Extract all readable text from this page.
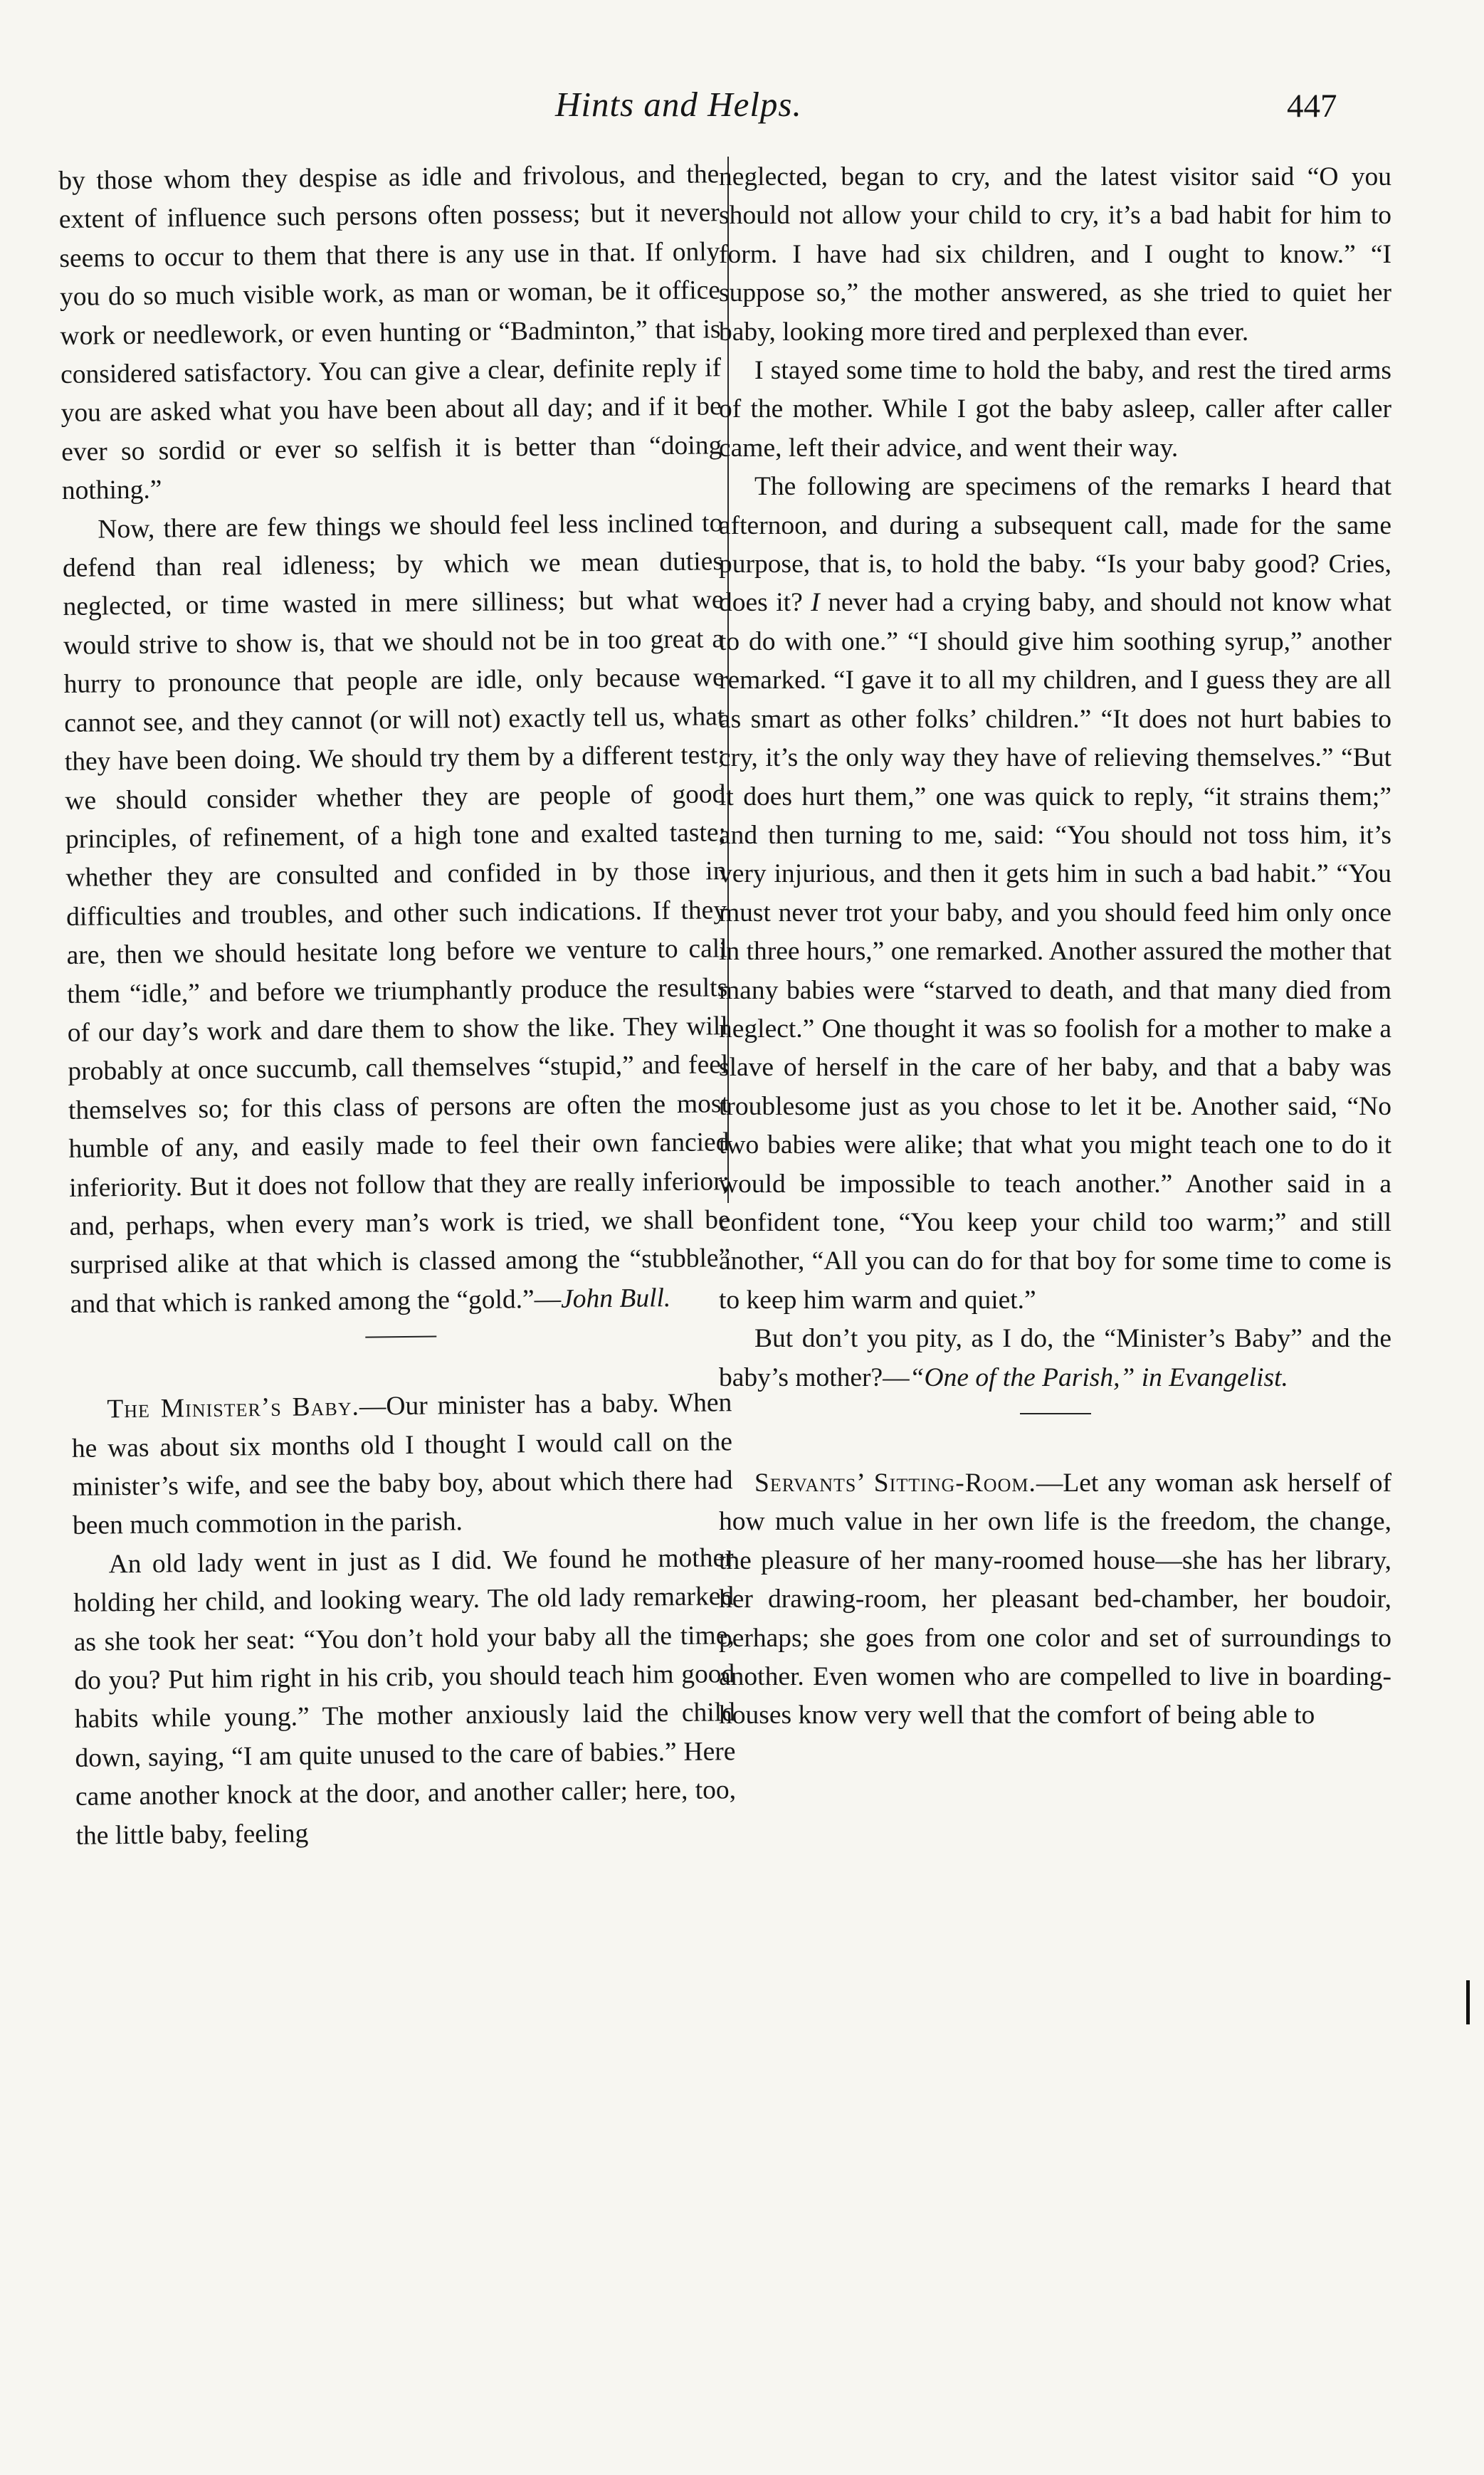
Hints and Helps.	447

by those whom they despise as idle and frivolous, and the extent of influence such persons often possess; but it never seems to occur to them that there is any use in that. If only you do so much visible work, as man or woman, be it office work or needlework, or even hunting or “Badminton,” that is considered satisfactory. You can give a clear, definite reply if you are asked what you have been about all day; and if it be ever so sordid or ever so selfish it is better than “doing nothing.”

Now, there are few things we should feel less inclined to defend than real idleness; by which we mean duties neglected, or time wasted in mere silliness; but what we would strive to show is, that we should not be in too great a hurry to pronounce that people are idle, only because we cannot see, and they cannot (or will not) exactly tell us, what they have been doing. We should try them by a different test; we should consider whether they are people of good principles, of refinement, of a high tone and exalted taste; whether they are consulted and confided in by those in difficulties and troubles, and other such indications. If they are, then we should hesitate long before we venture to call them “idle,” and before we triumphantly produce the results of our day’s work and dare them to show the like. They will probably at once succumb, call themselves “stupid,” and feel themselves so; for this class of persons are often the most humble of any, and easily made to feel their own fancied inferiority. But it does not follow that they are really inferior; and, perhaps, when every man’s work is tried, we shall be surprised alike at that which is classed among the “stubble” and that which is ranked among the “gold.”—John Bull.

The Minister’s Baby.—Our minister has a baby. When he was about six months old I thought I would call on the minister’s wife, and see the baby boy, about which there had been much commotion in the parish.

An old lady went in just as I did. We found he mother holding her child, and looking weary. The old lady remarked as she took her seat: “You don’t hold your baby all the time, do you? Put him right in his crib, you should teach him good habits while young.” The mother anxiously laid the child down, saying, “I am quite unused to the care of babies.” Here came another knock at the door, and another caller; here, too, the little baby, feeling

neglected, began to cry, and the latest visitor said “O you should not allow your child to cry, it’s a bad habit for him to form. I have had six children, and I ought to know.” “I suppose so,” the mother answered, as she tried to quiet her baby, looking more tired and perplexed than ever.

I stayed some time to hold the baby, and rest the tired arms of the mother. While I got the baby asleep, caller after caller came, left their advice, and went their way.

The following are specimens of the remarks I heard that afternoon, and during a subsequent call, made for the same purpose, that is, to hold the baby. “Is your baby good? Cries, does it? I never had a crying baby, and should not know what to do with one.” “I should give him soothing syrup,” another remarked. “I gave it to all my children, and I guess they are all as smart as other folks’ children.” “It does not hurt babies to cry, it’s the only way they have of relieving themselves.” “But it does hurt them,” one was quick to reply, “it strains them;” and then turning to me, said: “You should not toss him, it’s very injurious, and then it gets him in such a bad habit.” “You must never trot your baby, and you should feed him only once in three hours,” one remarked. Another assured the mother that many babies were “starved to death, and that many died from neglect.” One thought it was so foolish for a mother to make a slave of herself in the care of her baby, and that a baby was troublesome just as you chose to let it be. Another said, “No two babies were alike; that what you might teach one to do it would be impossible to teach another.” Another said in a confident tone, “You keep your child too warm;” and still another, “All you can do for that boy for some time to come is to keep him warm and quiet.”

But don’t you pity, as I do, the “Minister’s Baby” and the baby’s mother?—“One of the Parish,” in Evangelist.

Servants’ Sitting-Room.—Let any woman ask herself of how much value in her own life is the freedom, the change, the pleasure of her many-roomed house—she has her library, her drawing-room, her pleasant bed-chamber, her boudoir, perhaps; she goes from one color and set of surroundings to another. Even women who are compelled to live in boarding-houses know very well that the comfort of being able to
